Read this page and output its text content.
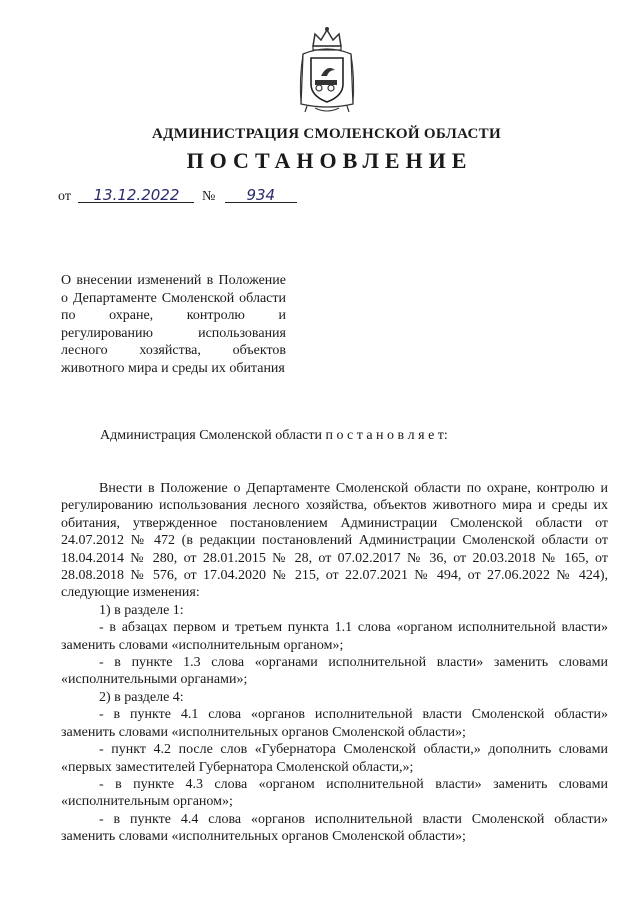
АДМИНИСТРАЦИЯ СМОЛЕНСКОЙ ОБЛАСТИ
ПОСТАНОВЛЕНИЕ
от 13.12.2022 № 934
О внесении изменений в Положение о Департаменте Смоленской области по охране, контролю и регулированию использования лесного хозяйства, объектов животного мира и среды их обитания
Администрация Смоленской области п о с т а н о в л я е т:

Внести в Положение о Департаменте Смоленской области по охране, контролю и регулированию использования лесного хозяйства, объектов животного мира и среды их обитания, утвержденное постановлением Администрации Смоленской области от 24.07.2012 № 472 (в редакции постановлений Администрации Смоленской области от 18.04.2014 № 280, от 28.01.2015 № 28, от 07.02.2017 № 36, от 20.03.2018 № 165, от 28.08.2018 № 576, от 17.04.2020 № 215, от 22.07.2021 № 494, от 27.06.2022 № 424), следующие изменения:

1) в разделе 1:

- в абзацах первом и третьем пункта 1.1 слова «органом исполнительной власти» заменить словами «исполнительным органом»;

- в пункте 1.3 слова «органами исполнительной власти» заменить словами «исполнительными органами»;

2) в разделе 4:

- в пункте 4.1 слова «органов исполнительной власти Смоленской области» заменить словами «исполнительных органов Смоленской области»;

- пункт 4.2 после слов «Губернатора Смоленской области,» дополнить словами «первых заместителей Губернатора Смоленской области,»;

- в пункте 4.3 слова «органом исполнительной власти» заменить словами «исполнительным органом»;

- в пункте 4.4 слова «органов исполнительной власти Смоленской области» заменить словами «исполнительных органов Смоленской области»;
